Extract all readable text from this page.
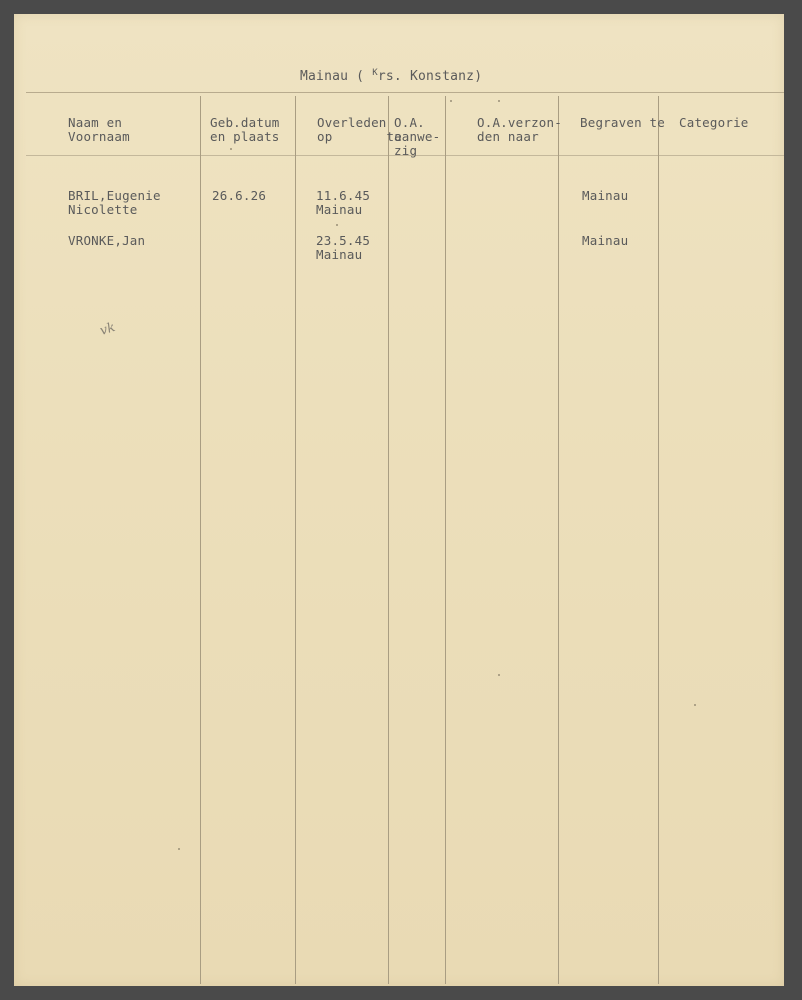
Mainau ( $^K$rs. Konstanz)

Naam en
Voornaam

Geb.datum
en plaats

Overleden
op       te

O.A.
aanwe-
zig

O.A.verzon-
den naar

Begraven te Categorie

BRIL,Eugenie
Nicolette

26.6.26	11.6.45
Mainau

Mainau

VRONKE,Jan	23.5.45
Mainau

Mainau

vk
